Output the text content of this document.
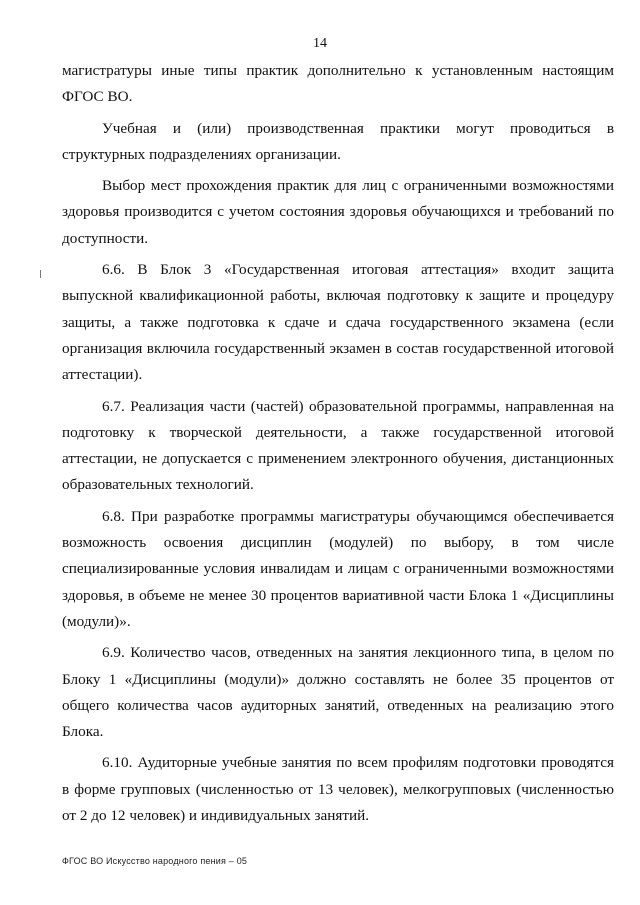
14

магистратуры иные типы практик дополнительно к установленным настоящим ФГОС ВО.

Учебная и (или) производственная практики могут проводиться в структурных подразделениях организации.

Выбор мест прохождения практик для лиц с ограниченными возможностями здоровья производится с учетом состояния здоровья обучающихся и требований по доступности.

6.6. В Блок 3 «Государственная итоговая аттестация» входит защита выпускной квалификационной работы, включая подготовку к защите и процедуру защиты, а также подготовка к сдаче и сдача государственного экзамена (если организация включила государственный экзамен в состав государственной итоговой аттестации).

6.7. Реализация части (частей) образовательной программы, направленная на подготовку к творческой деятельности, а также государственной итоговой аттестации, не допускается с применением электронного обучения, дистанционных образовательных технологий.

6.8. При разработке программы магистратуры обучающимся обеспечивается возможность освоения дисциплин (модулей) по выбору, в том числе специализированные условия инвалидам и лицам с ограниченными возможностями здоровья, в объеме не менее 30 процентов вариативной части Блока 1 «Дисциплины (модули)».

6.9. Количество часов, отведенных на занятия лекционного типа, в целом по Блоку 1 «Дисциплины (модули)» должно составлять не более 35 процентов от общего количества часов аудиторных занятий, отведенных на реализацию этого Блока.

6.10. Аудиторные учебные занятия по всем профилям подготовки проводятся в форме групповых (численностью от 13 человек), мелкогрупповых (численностью от 2 до 12 человек) и индивидуальных занятий.

ФГОС ВО Искусство народного пения – 05
